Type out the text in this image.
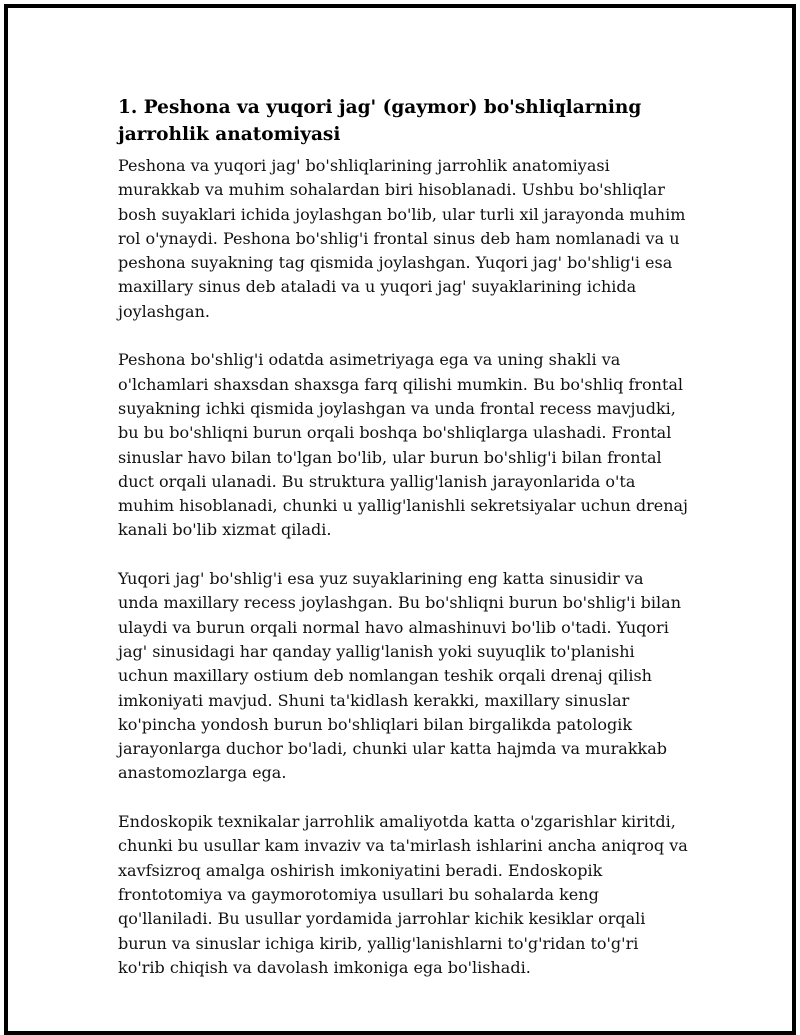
1. Peshona va yuqori jag' (gaymor) bo'shliqlarning jarrohlik anatomiyasi

Peshona va yuqori jag' bo'shliqlarining jarrohlik anatomiyasi murakkab va muhim sohalardan biri hisoblanadi. Ushbu bo'shliqlar bosh suyaklari ichida joylashgan bo'lib, ular turli xil jarayonda muhim rol o'ynaydi. Peshona bo'shlig'i frontal sinus deb ham nomlanadi va u peshona suyakning tag qismida joylashgan. Yuqori jag' bo'shlig'i esa maxillary sinus deb ataladi va u yuqori jag' suyaklarining ichida joylashgan.

Peshona bo'shlig'i odatda asimetriyaga ega va uning shakli va o'lchamlari shaxsdan shaxsga farq qilishi mumkin. Bu bo'shliq frontal suyakning ichki qismida joylashgan va unda frontal recess mavjudki, bu bu bo'shliqni burun orqali boshqa bo'shliqlarga ulashadi. Frontal sinuslar havo bilan to'lgan bo'lib, ular burun bo'shlig'i bilan frontal duct orqali ulanadi. Bu struktura yallig'lanish jarayonlarida o'ta muhim hisoblanadi, chunki u yallig'lanishli sekretsiyalar uchun drenaj kanali bo'lib xizmat qiladi.

Yuqori jag' bo'shlig'i esa yuz suyaklarining eng katta sinusidir va unda maxillary recess joylashgan. Bu bo'shliqni burun bo'shlig'i bilan ulaydi va burun orqali normal havo almashinuvi bo'lib o'tadi. Yuqori jag' sinusidagi har qanday yallig'lanish yoki suyuqlik to'planishi uchun maxillary ostium deb nomlangan teshik orqali drenaj qilish imkoniyati mavjud. Shuni ta'kidlash kerakki, maxillary sinuslar ko'pincha yondosh burun bo'shliqlari bilan birgalikda patologik jarayonlarga duchor bo'ladi, chunki ular katta hajmda va murakkab anastomozlarga ega.

Endoskopik texnikalar jarrohlik amaliyotda katta o'zgarishlar kiritdi, chunki bu usullar kam invaziv va ta'mirlash ishlarini ancha aniqroq va xavfsizroq amalga oshirish imkoniyatini beradi. Endoskopik frontotomiya va gaymorotomiya usullari bu sohalarda keng qo'llaniladi. Bu usullar yordamida jarrohlar kichik kesiklar orqali burun va sinuslar ichiga kirib, yallig'lanishlarni to'g'ridan to'g'ri ko'rib chiqish va davolash imkoniga ega bo'lishadi.
